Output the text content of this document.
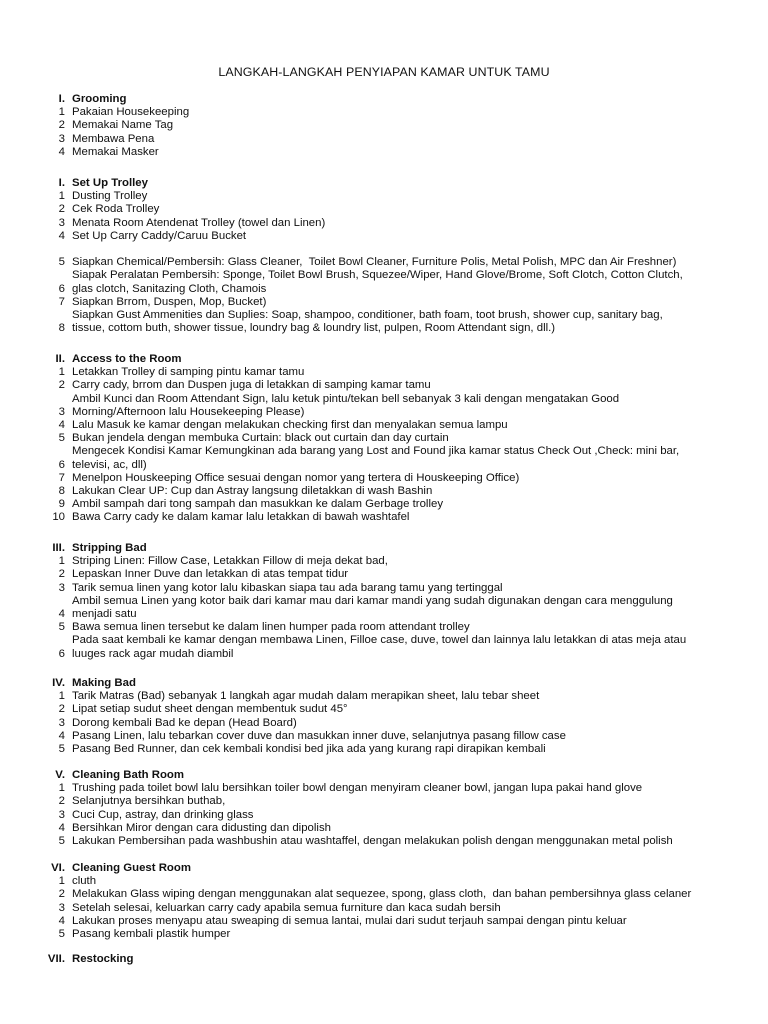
LANGKAH-LANGKAH PENYIAPAN KAMAR UNTUK TAMU
I. Grooming
1 Pakaian Housekeeping
2 Memakai Name Tag
3 Membawa Pena
4 Memakai Masker
I. Set Up Trolley
1 Dusting Trolley
2 Cek Roda Trolley
3 Menata Room Atendenat Trolley (towel dan Linen)
4 Set Up Carry Caddy/Caruu Bucket
5 Siapkan Chemical/Pembersih: Glass Cleaner,  Toilet Bowl Cleaner, Furniture Polis, Metal Polish, MPC dan Air Freshner)
6
Siapak Peralatan Pembersih: Sponge, Toilet Bowl Brush, Squezee/Wiper, Hand Glove/Brome, Soft Clotch, Cotton Clutch,
glas clotch, Sanitazing Cloth, Chamois
7 Siapkan Brrom, Duspen, Mop, Bucket)
8
Siapkan Gust Ammenities dan Suplies: Soap, shampoo, conditioner, bath foam, toot brush, shower cup, sanitary bag,
tissue, cottom buth, shower tissue, loundry bag & loundry list, pulpen, Room Attendant sign, dll.)
II. Access to the Room
1 Letakkan Trolley di samping pintu kamar tamu
2 Carry cady, brrom dan Duspen juga di letakkan di samping kamar tamu
3
Ambil Kunci dan Room Attendant Sign, lalu ketuk pintu/tekan bell sebanyak 3 kali dengan mengatakan Good
Morning/Afternoon lalu Housekeeping Please)
4 Lalu Masuk ke kamar dengan melakukan checking first dan menyalakan semua lampu
5 Bukan jendela dengan membuka Curtain: black out curtain dan day curtain
6
Mengecek Kondisi Kamar Kemungkinan ada barang yang Lost and Found jika kamar status Check Out ,Check: mini bar,
televisi, ac, dll)
7 Menelpon Houskeeping Office sesuai dengan nomor yang tertera di Houskeeping Office)
8 Lakukan Clear UP: Cup dan Astray langsung diletakkan di wash Bashin
9 Ambil sampah dari tong sampah dan masukkan ke dalam Gerbage trolley
10 Bawa Carry cady ke dalam kamar lalu letakkan di bawah washtafel
III. Stripping Bad
1 Striping Linen: Fillow Case, Letakkan Fillow di meja dekat bad,
2 Lepaskan Inner Duve dan letakkan di atas tempat tidur
3 Tarik semua linen yang kotor lalu kibaskan siapa tau ada barang tamu yang tertinggal
4
Ambil semua Linen yang kotor baik dari kamar mau dari kamar mandi yang sudah digunakan dengan cara menggulung
menjadi satu
5 Bawa semua linen tersebut ke dalam linen humper pada room attendant trolley
6
Pada saat kembali ke kamar dengan membawa Linen, Filloe case, duve, towel dan lainnya lalu letakkan di atas meja atau
luuges rack agar mudah diambil
IV. Making Bad
1 Tarik Matras (Bad) sebanyak 1 langkah agar mudah dalam merapikan sheet, lalu tebar sheet
2 Lipat setiap sudut sheet dengan membentuk sudut 45°
3 Dorong kembali Bad ke depan (Head Board)
4 Pasang Linen, lalu tebarkan cover duve dan masukkan inner duve, selanjutnya pasang fillow case
5 Pasang Bed Runner, dan cek kembali kondisi bed jika ada yang kurang rapi dirapikan kembali
V. Cleaning Bath Room
1 Trushing pada toilet bowl lalu bersihkan toiler bowl dengan menyiram cleaner bowl, jangan lupa pakai hand glove
2 Selanjutnya bersihkan buthab,
3 Cuci Cup, astray, dan drinking glass
4 Bersihkan Miror dengan cara didusting dan dipolish
5 Lakukan Pembersihan pada washbushin atau washtaffel, dengan melakukan polish dengan menggunakan metal polish
VI. Cleaning Guest Room
1 cluth
2 Melakukan Glass wiping dengan menggunakan alat sequezee, spong, glass cloth,  dan bahan pembersihnya glass celaner
3 Setelah selesai, keluarkan carry cady apabila semua furniture dan kaca sudah bersih
4 Lakukan proses menyapu atau sweaping di semua lantai, mulai dari sudut terjauh sampai dengan pintu keluar
5 Pasang kembali plastik humper
VII. Restocking
